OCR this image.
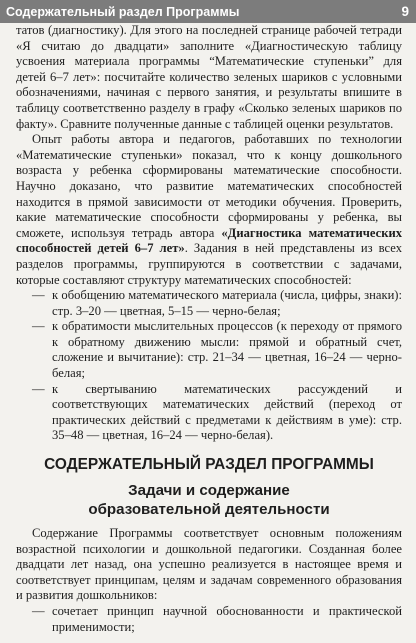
Содержательный раздел Программы	9

татов (диагностику). Для этого на последней странице рабочей тетради «Я считаю до двадцати» заполните «Диагностическую таблицу усвоения материала программы “Математические ступеньки” для детей 6–7 лет»: посчитайте количество зеленых шариков с условными обозначениями, начиная с первого занятия, и результаты впишите в таблицу соответственно разделу в графу «Сколько зеленых шариков по факту». Сравните полученные данные с таблицей оценки результатов.

Опыт работы автора и педагогов, работавших по технологии «Математические ступеньки» показал, что к концу дошкольного возраста у ребенка сформированы математические способности. Научно доказано, что развитие математических способностей находится в прямой зависимости от методики обучения. Проверить, какие математические способности сформированы у ребенка, вы сможете, используя тетрадь автора «Диагностика математических способностей детей 6–7 лет». Задания в ней представлены из всех разделов программы, группируются в соответствии с задачами, которые составляют структуру математических способностей:

— к обобщению математического материала (числа, цифры, знаки): стр. 3–20 — цветная, 5–15 — черно-белая;
— к обратимости мыслительных процессов (к переходу от прямого к обратному движению мысли: прямой и обратный счет, сложение и вычитание): стр. 21–34 — цветная, 16–24 — черно-белая;
— к свертыванию математических рассуждений и соответствующих математических действий (переход от практических действий с предметами к действиям в уме): стр. 35–48 — цветная, 16–24 — черно-белая).
СОДЕРЖАТЕЛЬНЫЙ РАЗДЕЛ ПРОГРАММЫ
Задачи и содержание
образовательной деятельности

Содержание Программы соответствует основным положениям возрастной психологии и дошкольной педагогики. Созданная более двадцати лет назад, она успешно реализуется в настоящее время и соответствует принципам, целям и задачам современного образования и развития дошкольников:

— сочетает принцип научной обоснованности и практической применимости;
